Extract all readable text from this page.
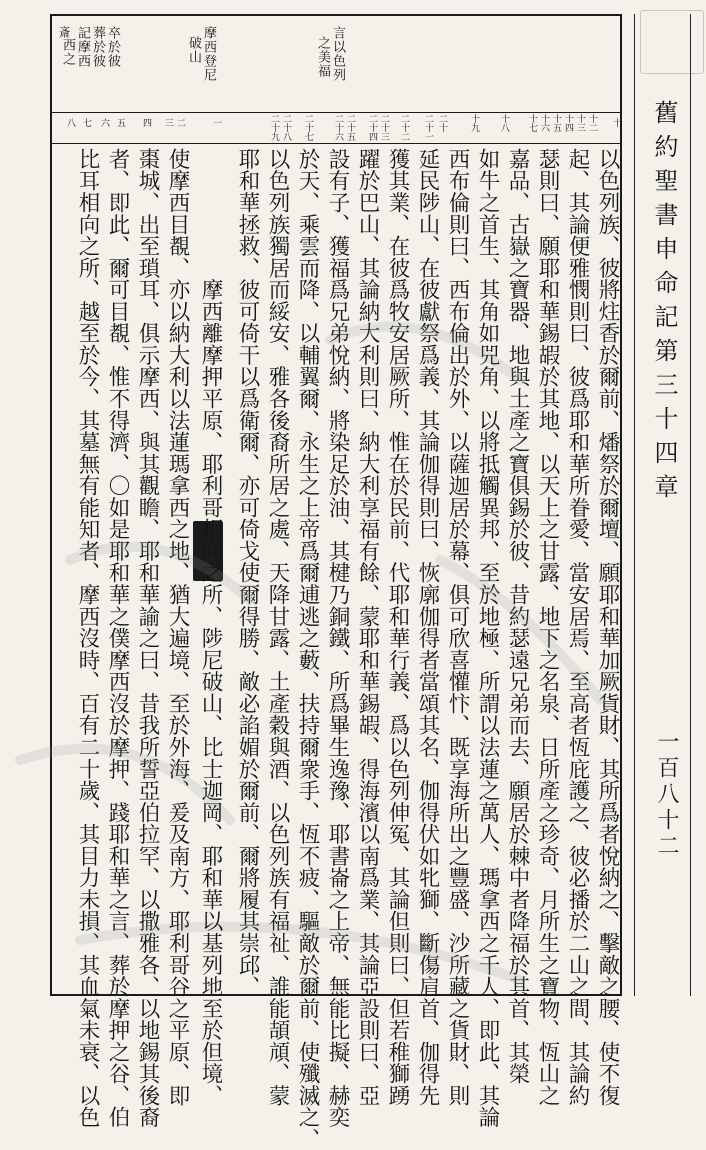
舊約聖書申命記第三十四章
一百八十二
言以色列
之美福
摩西登尼
破山
卒於彼
葬於彼
記摩西
西之
斎
十
十二
十三
十四
十五
十六
十七
十八
十九
二十
二十一
二十二
二十三
二十四
二十五
二十六
二十七
二十八
二十九
一
二
三
四
五
六
七
八
以色列族、彼將炷香於爾前、燔祭於爾壇、願耶和華加厥貨財、其所爲者悅納之、擊敵之腰、使不復
起、其論便雅憫則曰、彼爲耶和華所眷愛、當安居焉、至高者恆庇護之、彼必播於二山之間、其論約
瑟則曰、願耶和華錫嘏於其地、以天上之甘露、地下之名泉、日所產之珍奇、月所生之寶物、恆山之
嘉品、古嶽之寶器、地與土產之寶俱錫於彼、昔約瑟遠兄弟而去、願居於棘中者降福於其首、其榮
如牛之首生、其角如兕角、以將抵觸異邦、至於地極、所謂以法蓮之萬人、瑪拿西之千人、即此、其論
西布倫則曰、西布倫出於外、以薩迦居於幕、俱可欣喜懽忭、既享海所出之豐盛、沙所藏之貨財、則
延民陟山、在彼獻祭爲義、其論伽得則曰、恢廓伽得者當頌其名、伽得伏如牝獅、斷傷肩首、伽得先
獲其業、在彼爲牧安居厥所、惟在於民前、代耶和華行義、爲以色列伸冤、其論但則曰、但若稚獅踴
躍於巴山、其論納大利則曰、納大利享福有餘、蒙耶和華錫嘏、得海濱以南爲業、其論亞設則曰、亞
設有子、獲福爲兄弟悅納、將染足於油、其楗乃銅鐵、所爲畢生逸豫、耶書崙之上帝、無能比擬、赫奕
於天、乘雲而降、以輔翼爾、永生之上帝爲爾逋逃之藪、扶持爾衆手、恆不疲、驅敵於爾前、使殲滅之、
以色列族獨居而綏安、雅各後裔所居之處、天降甘露、土產穀與酒、以色列族有福祉、誰能頡頏、蒙
耶和華拯救、彼可倚干以爲衛爾、亦可倚戈使爾得勝、敵必諂媚於爾前、爾將履其崇邱、
第三十四章　摩西離摩押平原、耶利哥相向之所、陟尼破山、比士迦岡、耶和華以基列地至於但境、
使摩西目覩、亦以納大利以法蓮瑪拿西之地、猶大遍境、至於外海、爰及南方、耶利哥谷之平原、即
棗城、出至瑣耳、俱示摩西、與其觀瞻、耶和華諭之曰、昔我所誓亞伯拉罕、以撒雅各、以地錫其後裔
者、即此、爾可目覩、惟不得濟、〇如是耶和華之僕摩西沒於摩押、踐耶和華之言、葬於摩押之谷、伯
比耳相向之所、越至於今、其墓無有能知者、摩西沒時、百有二十歲、其目力未損、其血氣未衰、以色
